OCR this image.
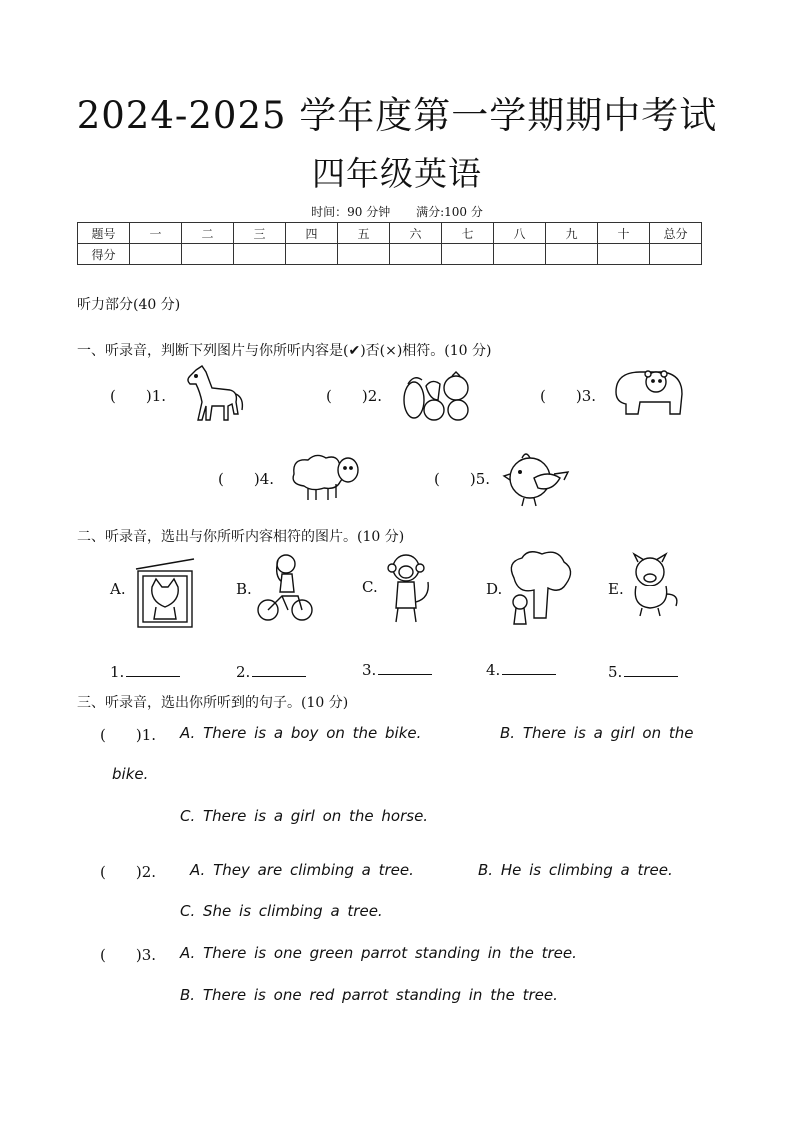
2024-2025 学年度第一学期期中考试
四年级英语
时间：90 分钟 满分:100 分
题号	一	二	三	四	五	六	七	八	九	十	总分
得分											
听力部分(40 分)
一、听录音，判断下列图片与你所听内容是(✔)否(×)相符。(10 分)
(　　)1.	(　　)2.	(　　)3.
(　　)4.	(　　)5.
二、听录音，选出与你所听内容相符的图片。(10 分)
A.	B.	C.	D.	E.
1.	2.	3.	4.	5.
三、听录音，选出你所听到的句子。(10 分)
(　　)1. A. There is a boy on the bike.	B. There is a girl on the
bike.
C. There is a girl on the horse.
(　　)2. A. They are climbing a tree.	B. He is climbing a tree.
C. She is climbing a tree.
(　　)3. A. There is one green parrot standing in the tree.
B. There is one red parrot standing in the tree.
